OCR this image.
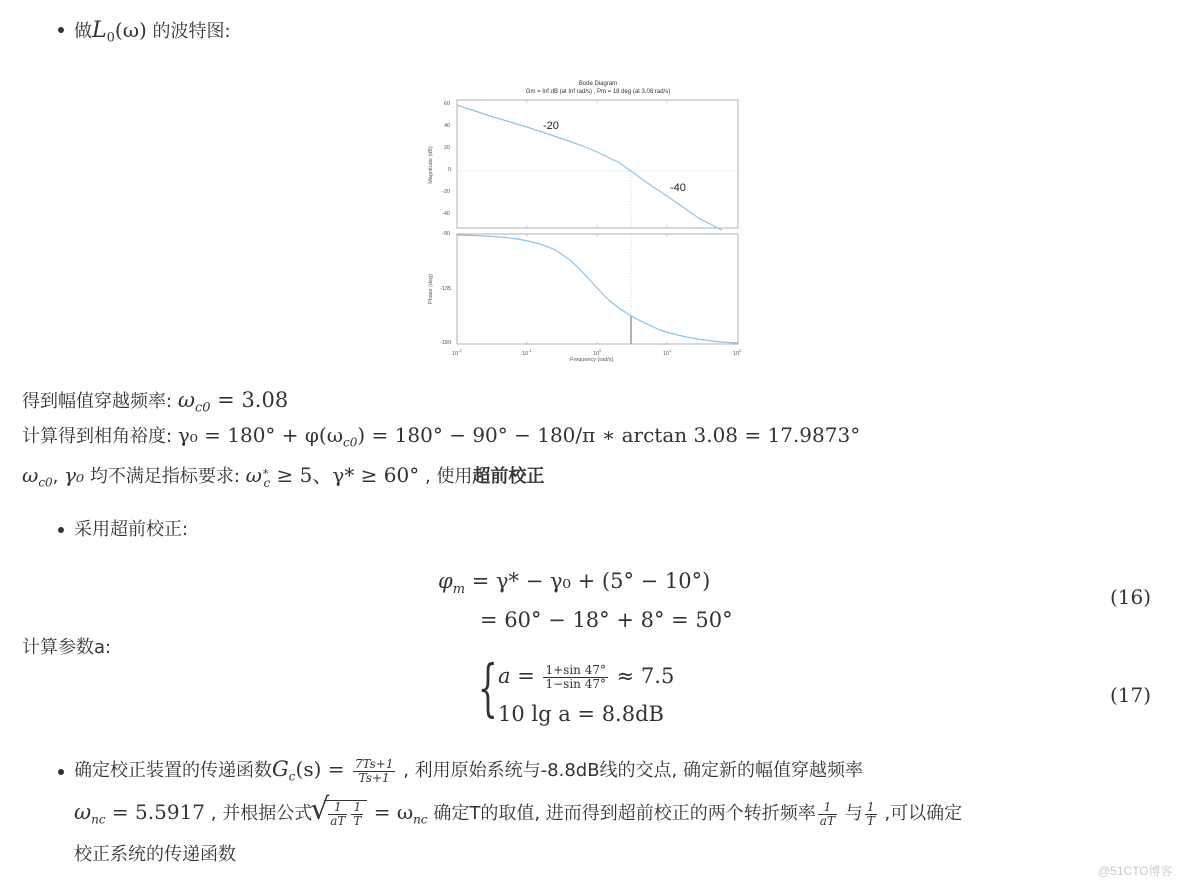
做$L_0(\omega)$ 的波特图:
Bode Diagram
Gm = Inf dB (at Inf rad/s) , Pm = 18 deg (at 3.08 rad/s)
-20
-40
60
40
20
0
-20
-40
-90
-135
-180
Magnitude (dB)
Phase (deg)
$10^{-2}$
$10^{-1}$
$10^0$
$10^1$
$10^2$
Frequency (rad/s)
得到幅值穿越频率: $\omega_{c0} = 3.08$
计算得到相角裕度: $\gamma_0 = 180^\circ + \varphi(\omega_{c0}) = 180^\circ - 90^\circ - 180/\pi$ ∗ arctan 3.08 = 17.9873°
$\omega_{c0}$, γ₀ 均不满足指标要求: $\omega^∗_c \ge 5$、γ* ≥ 60° , 使用超前校正
采用超前校正:
$\varphi_m = \gamma* - \gamma_0 + (5^\circ - 10^\circ)$
= 60° − 18° + 8° = 50°
(16)
计算参数a:
{ $a = \frac{1+\sin 47^\circ}{1-\sin 47^\circ} \approx 7.5$
10 lg a = 8.8dB
(17)
确定校正装置的传递函数$G_c(s) = \frac{7Ts+1}{Ts+1}$ , 利用原始系统与-8.8dB线的交点, 确定新的幅值穿越频率
$\omega_{nc} = 5.5917$ , 并根据公式 √ $\frac{1}{aT} \frac{1}{T} = \omega_{nc}$ 确定T的取值, 进而得到超前校正的两个转折频率 $\frac{1}{aT}$ 与 $\frac{1}{T}$ ,可以确定
校正系统的传递函数
@51CTO博客
